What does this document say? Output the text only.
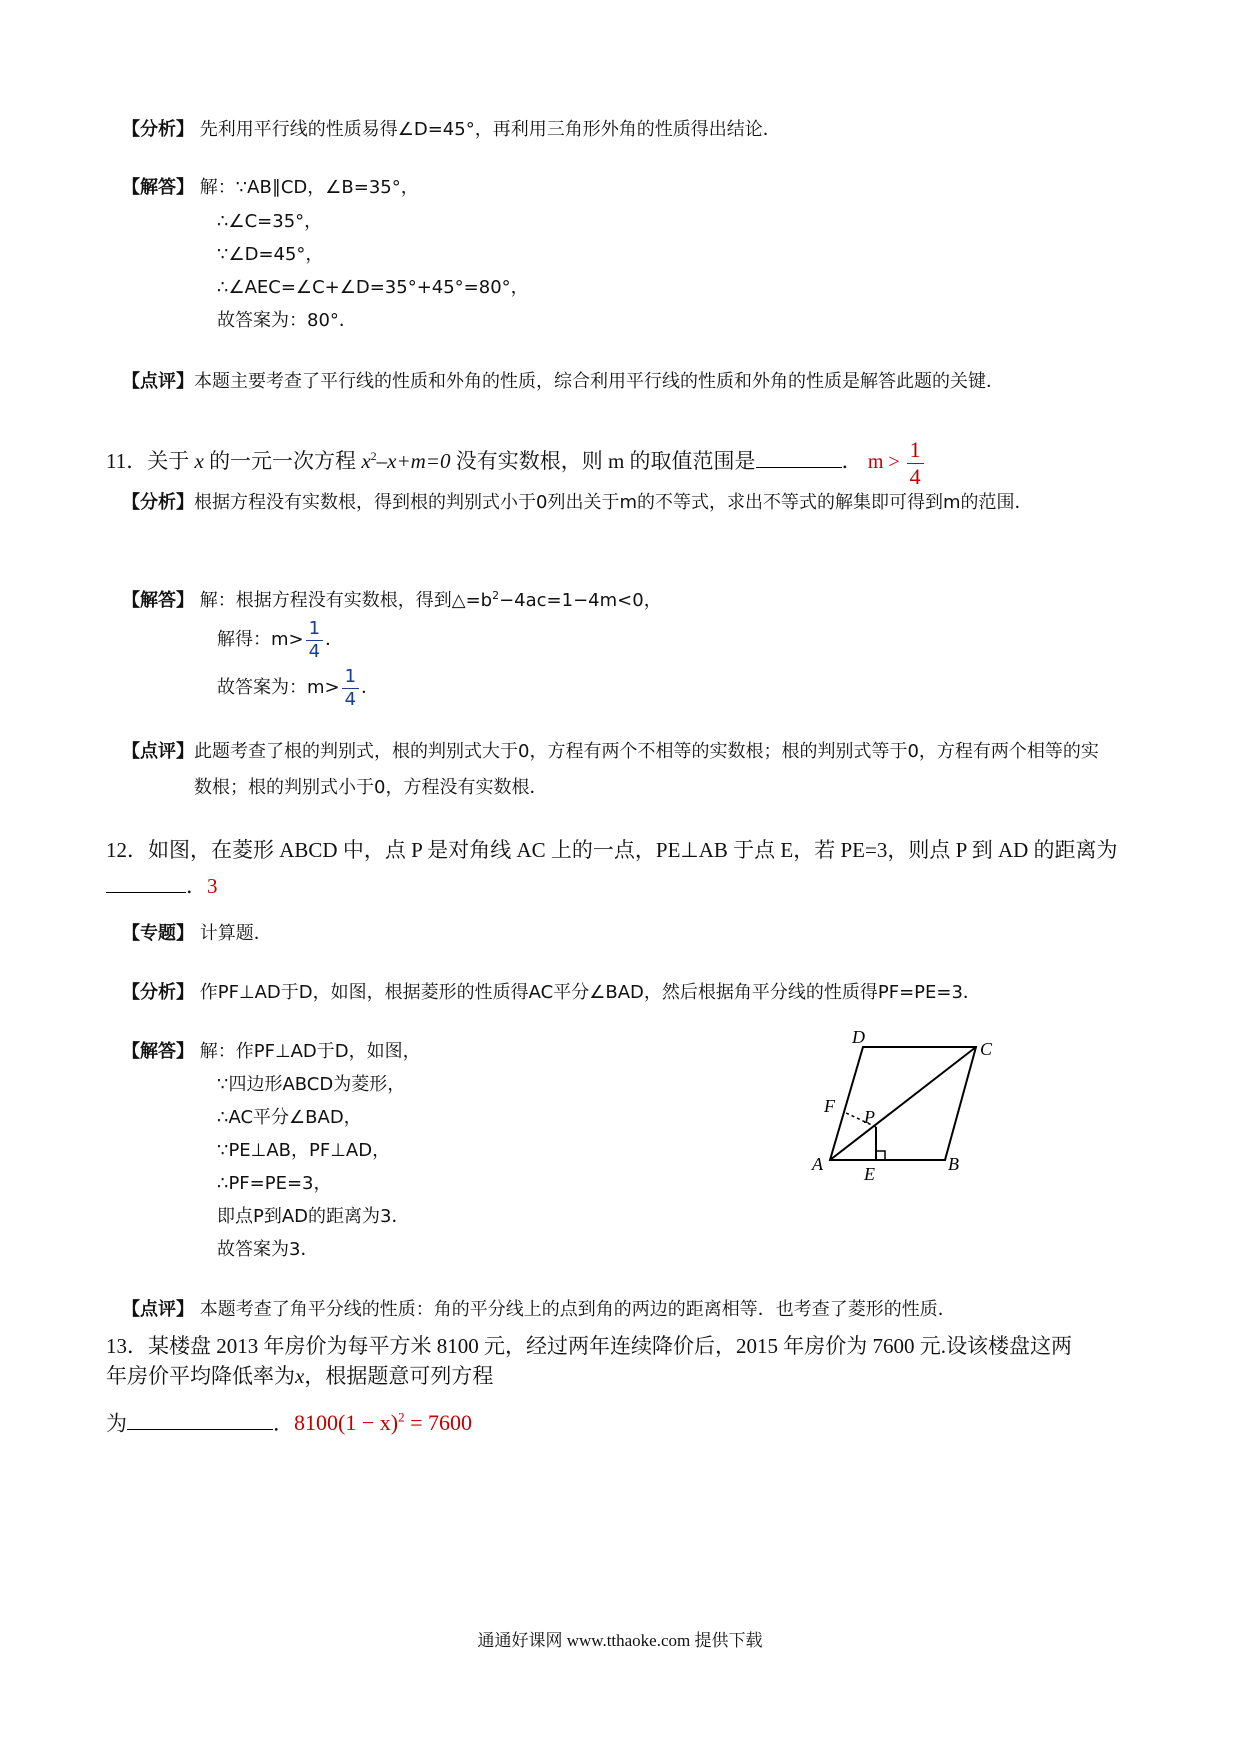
【分析】 先利用平行线的性质易得∠D=45°，再利用三角形外角的性质得出结论．
【解答】 解：∵AB∥CD，∠B=35°，
∴∠C=35°，
∵∠D=45°，
∴∠AEC=∠C+∠D=35°+45°=80°，
故答案为：80°．
【点评】 本题主要考查了平行线的性质和外角的性质，综合利用平行线的性质和外角的性质是解答此题的关键．
11．关于 x 的一元一次方程 $x^2-x+m=0$ 没有实数根，则 m 的取值范围是	． $m > \frac{1}{4}$
【分析】 根据方程没有实数根，得到根的判别式小于0列出关于m的不等式，求出不等式的解集即可得到m的范围．
【解答】 解：根据方程没有实数根，得到$\triangle=b^2-4ac=1-4m<0$，
解得：$m> \frac{1}{4}$ ．
故答案为：$m> \frac{1}{4}$ ．
【点评】 此题考查了根的判别式，根的判别式大于0，方程有两个不相等的实数根；根的判别式等于0，方程有两个相等的实数根；根的判别式小于0，方程没有实数根．
12．如图，在菱形 ABCD 中，点 P 是对角线 AC 上的一点，PE⊥AB 于点 E，若 PE=3，则点 P 到 AD 的距离为．3
【专题】 计算题．
【分析】 作PF⊥AD于D，如图，根据菱形的性质得AC平分∠BAD，然后根据角平分线的性质得PF=PE=3．
【解答】 解：作PF⊥AD于D，如图，
∵四边形ABCD为菱形，
∴AC平分∠BAD，
∵PE⊥AB，PF⊥AD，
∴PF=PE=3，
即点P到AD的距离为3．
故答案为3．
A	B
C
D
E
F
P
【点评】 本题考查了角平分线的性质：角的平分线上的点到角的两边的距离相等．也考查了菱形的性质．
13．某楼盘 2013 年房价为每平方米 8100 元，经过两年连续降价后，2015 年房价为 7600 元.设该楼盘这两
年房价平均降低率为x，根据题意可列方程
为	．$8100(1 - x)^2 = 7600$
通通好课网 www.tthaoke.com 提供下载
